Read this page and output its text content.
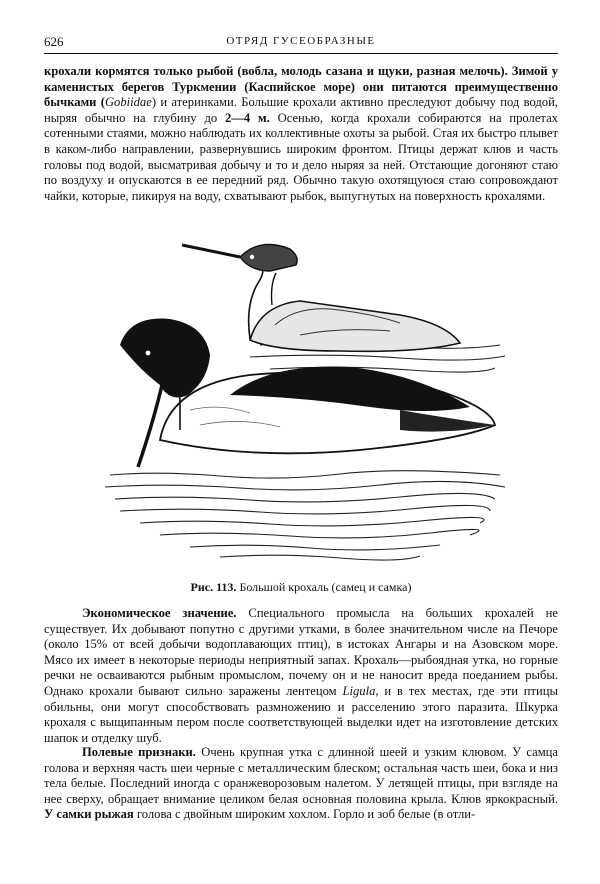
626	ОТРЯД ГУСЕОБРАЗНЫЕ

крохали кормятся только рыбой (вобла, молодь сазана и щуки, разная мелочь). Зимой у каменистых берегов Туркмении (Каспийское море) они питаются преимущественно бычками (Gobiidae) и атеринками. Большие крохали активно преследуют добычу под водой, ныряя обычно на глубину до 2—4 м. Осенью, когда крохали собираются на пролетах сотенными стаями, можно наблюдать их коллективные охоты за рыбой. Стая их быстро плывет в каком-либо направлении, развернувшись широким фронтом. Птицы держат клюв и часть головы под водой, высматривая добычу и то и дело ныряя за ней. Отстающие догоняют стаю по воздуху и опускаются в ее передний ряд. Обычно такую охотящуюся стаю сопровождают чайки, которые, пикируя на воду, схватывают рыбок, выпугнутых на поверхность крохалями.

Рис. 113. Большой крохаль (самец и самка)

Экономическое значение. Специального промысла на больших крохалей не существует. Их добывают попутно с другими утками, в более значительном числе на Печоре (около 15% от всей добычи водоплавающих птиц), в истоках Ангары и на Азовском море. Мясо их имеет в некоторые периоды неприятный запах. Крохаль—рыбоядная утка, но горные речки не осваиваются рыбным промыслом, почему он и не наносит вреда поеданием рыбы. Однако крохали бывают сильно заражены лентецом Ligula, и в тех местах, где эти птицы обильны, они могут способствовать размножению и расселению этого паразита. Шкурка крохаля с выщипанным пером после соответствующей выделки идет на изготовление детских шапок и отделку шуб.

Полевые признаки. Очень крупная утка с длинной шеей и узким клювом. У самца голова и верхняя часть шеи черные с металлическим блеском; остальная часть шеи, бока и низ тела белые. Последний иногда с оранжеворозовым налетом. У летящей птицы, при взгляде на нее сверху, обращает внимание целиком белая основная половина крыла. Клюв яркокрасный. У самки рыжая голова с двойным широким хохлом. Горло и зоб белые (в отли-
